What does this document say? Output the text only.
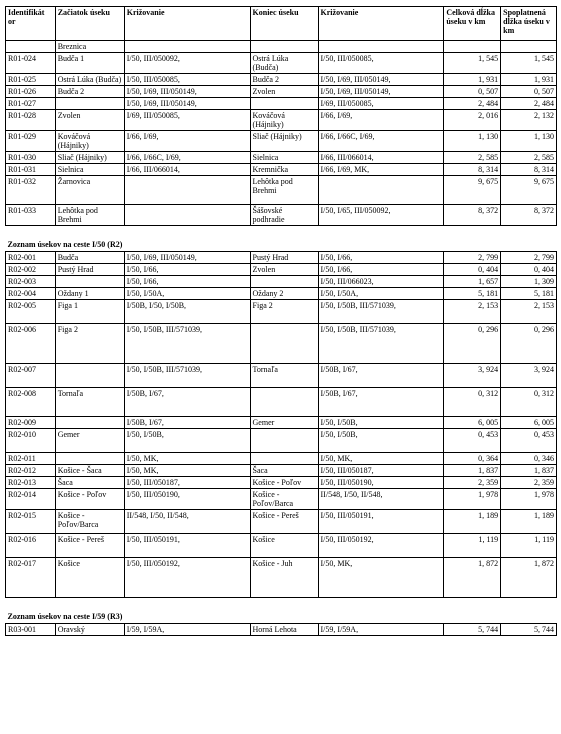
Identifikát or	Začiatok úseku	Križovanie	Koniec úseku	Križovanie	Celková dĺžka úseku v km	Spoplatnená dĺžka úseku v km
	Breznica					
R01-024	Budča 1	I/50, III/050092,	Ostrá Lúka (Budča)	I/50, III/050085,	1, 545	1, 545
R01-025	Ostrá Lúka (Budča)	I/50, III/050085,	Budča 2	I/50, I/69, III/050149,	1, 931	1, 931
R01-026	Budča 2	I/50, I/69, III/050149,	Zvolen	I/50, I/69, III/050149,	0, 507	0, 507
R01-027		I/50, I/69, III/050149,		I/69, III/050085,	2, 484	2, 484
R01-028	Zvolen	I/69, III/050085,	Kováčová (Hájniky)	I/66, I/69,	2, 016	2, 132
R01-029	Kováčová (Hájniky)	I/66, I/69,	Sliač (Hájniky)	I/66, I/66C, I/69,	1, 130	1, 130
R01-030	Sliač (Hájniky)	I/66, I/66C, I/69,	Sielnica	I/66, III/066014,	2, 585	2, 585
R01-031	Sielnica	I/66, III/066014,	Kremnička	I/66, I/69, MK,	8, 314	8, 314
R01-032	Žarnovica		Lehôtka pod Brehmi		9, 675	9, 675
R01-033	Lehôtka pod Brehmi		Šášovské podhradie	I/50, I/65, III/050092,	8, 372	8, 372
Zoznam úsekov na ceste I/50 (R2)						
R02-001	Budča	I/50, I/69, III/050149,	Pustý Hrad	I/50, I/66,	2, 799	2, 799
R02-002	Pustý Hrad	I/50, I/66,	Zvolen	I/50, I/66,	0, 404	0, 404
R02-003		I/50, I/66,		I/50, III/066023,	1, 657	1, 309
R02-004	Oždany 1	I/50, I/50A,	Oždany 2	I/50, I/50A,	5, 181	5, 181
R02-005	Figa 1	I/50B, I/50, I/50B,	Figa 2	I/50, I/50B, III/571039,	2, 153	2, 153
R02-006	Figa 2	I/50, I/50B, III/571039,		I/50, I/50B, III/571039,	0, 296	0, 296
R02-007		I/50, I/50B, III/571039,	Tornaľa	I/50B, I/67,	3, 924	3, 924
R02-008	Tornaľa	I/50B, I/67,		I/50B, I/67,	0, 312	0, 312
R02-009		I/50B, I/67,	Gemer	I/50, I/50B,	6, 005	6, 005
R02-010	Gemer	I/50, I/50B,		I/50, I/50B,	0, 453	0, 453
R02-011		I/50, MK,		I/50, MK,	0, 364	0, 346
R02-012	Košice - Šaca	I/50, MK,	Šaca	I/50, III/050187,	1, 837	1, 837
R02-013	Šaca	I/50, III/050187,	Košice - Poľov	I/50, III/050190,	2, 359	2, 359
R02-014	Košice - Poľov	I/50, III/050190,	Košice - Poľov/Barca	II/548, I/50, II/548,	1, 978	1, 978
R02-015	Košice - Poľov/Barca	II/548, I/50, II/548,	Košice - Pereš	I/50, III/050191,	1, 189	1, 189
R02-016	Košice - Pereš	I/50, III/050191,	Košice	I/50, III/050192,	1, 119	1, 119
R02-017	Košice	I/50, III/050192,	Košice - Juh	I/50, MK,	1, 872	1, 872
Zoznam úsekov na ceste I/59 (R3)						
R03-001	Oravský	I/59, I/59A,	Horná Lehota	I/59, I/59A,	5, 744	5, 744
